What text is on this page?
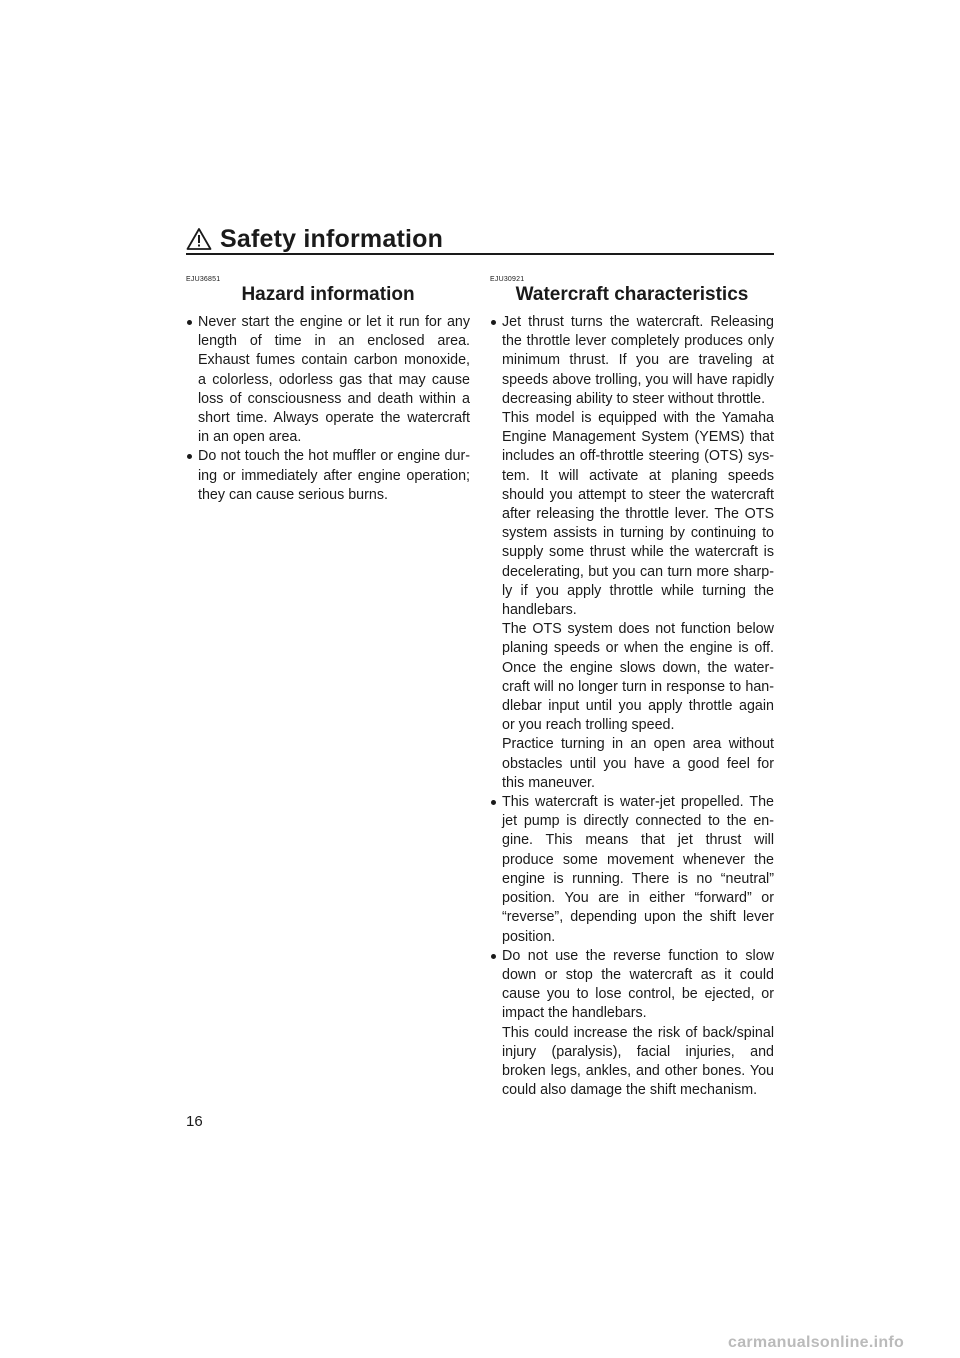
Safety information
EJU36851
Hazard information

Never start the engine or let it run for any length of time in an enclosed area. Exhaust fumes contain carbon monoxide, a colorless, odorless gas that may cause loss of consciousness and death within a short time. Always operate the watercraft in an open area.

Do not touch the hot muffler or engine during or immediately after engine operation; they can cause serious burns.

EJU30921
Watercraft characteristics

Jet thrust turns the watercraft. Releasing the throttle lever completely produces only minimum thrust. If you are traveling at speeds above trolling, you will have rapidly decreasing ability to steer without throttle.

This model is equipped with the Yamaha Engine Management System (YEMS) that includes an off-throttle steering (OTS) system. It will activate at planing speeds should you attempt to steer the watercraft after releasing the throttle lever. The OTS system assists in turning by continuing to supply some thrust while the watercraft is decelerating, but you can turn more sharply if you apply throttle while turning the handlebars.

The OTS system does not function below planing speeds or when the engine is off. Once the engine slows down, the watercraft will no longer turn in response to handlebar input until you apply throttle again or you reach trolling speed.

Practice turning in an open area without obstacles until you have a good feel for this maneuver.

This watercraft is water-jet propelled. The jet pump is directly connected to the engine. This means that jet thrust will produce some movement whenever the engine is running. There is no “neutral” position. You are in either “forward” or “reverse”, depending upon the shift lever position.

Do not use the reverse function to slow down or stop the watercraft as it could cause you to lose control, be ejected, or impact the handlebars.

This could increase the risk of back/spinal injury (paralysis), facial injuries, and broken legs, ankles, and other bones. You could also damage the shift mechanism.

16
carmanualsonline.info
